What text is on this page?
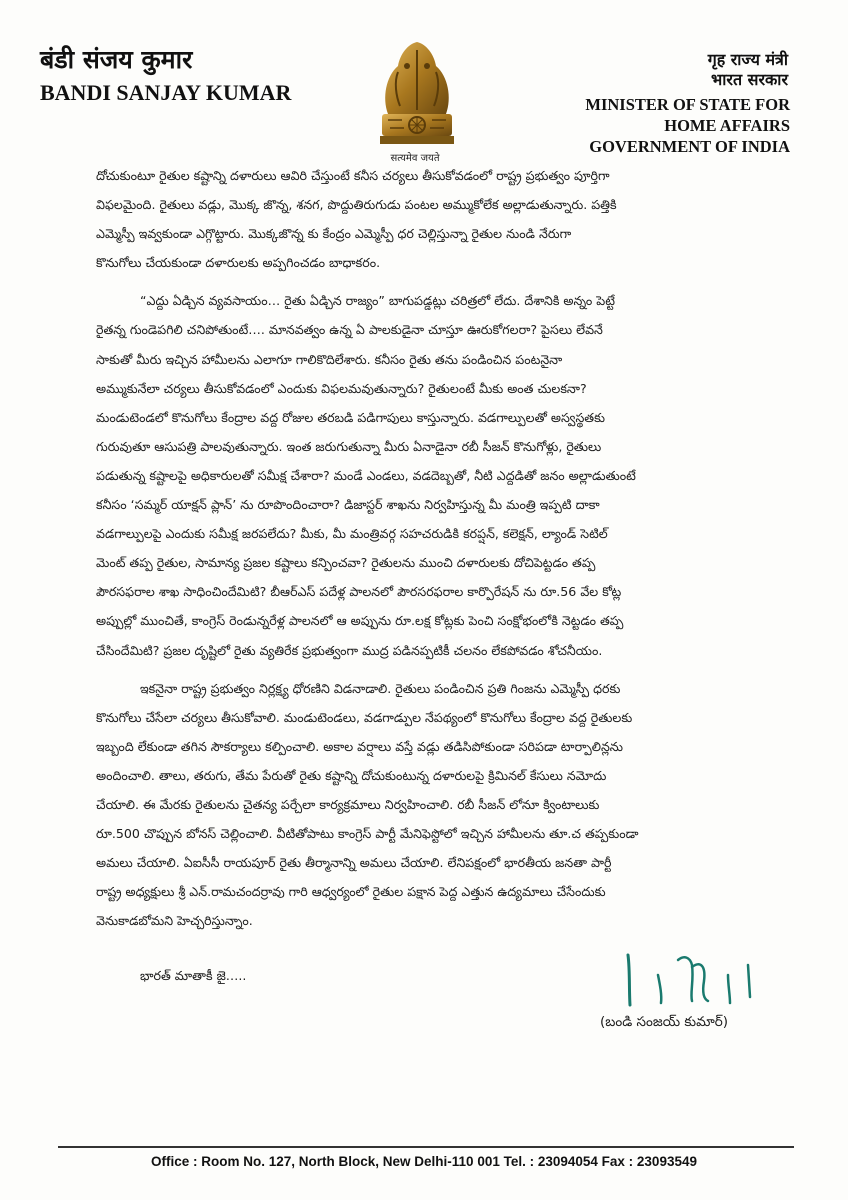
बंडी संजय कुमार
BANDI SANJAY KUMAR
सत्यमेव जयते
गृह राज्य मंत्री
भारत सरकार
MINISTER OF STATE FOR
HOME AFFAIRS
GOVERNMENT OF INDIA
దోచుకుంటూ రైతుల కష్టాన్ని దళారులు ఆవిరి చేస్తుంటే కనీస చర్యలు తీసుకోవడంలో రాష్ట్ర ప్రభుత్వం పూర్తిగా
విఫలమైంది. రైతులు వడ్లు, మొక్క జొన్న, శనగ, పొద్దుతిరుగుడు పంటల అమ్ముకోలేక అల్లాడుతున్నారు. పత్తికి
ఎమ్మెస్పీ ఇవ్వకుండా ఎగ్గొట్టారు. మొక్కజొన్న కు కేంద్రం ఎమ్మెస్పీ ధర చెల్లిస్తున్నా రైతుల నుండి నేరుగా
కొనుగోలు చేయకుండా దళారులకు అప్పగించడం బాధాకరం.
“ఎద్దు ఏడ్చిన వ్యవసాయం… రైతు ఏడ్చిన రాజ్యం” బాగుపడ్డట్లు చరిత్రలో లేదు. దేశానికి అన్నం పెట్టే
రైతన్న గుండెపగిలి చనిపోతుంటే…. మానవత్వం ఉన్న ఏ పాలకుడైనా చూస్తూ ఊరుకోగలరా? పైసలు లేవనే
సాకుతో మీరు ఇచ్చిన హామీలను ఎలాగూ గాలికొదిలేశారు. కనీసం రైతు తను పండించిన పంటనైనా
అమ్ముకునేలా చర్యలు తీసుకోవడంలో ఎందుకు విఫలమవుతున్నారు? రైతులంటే మీకు అంత చులకనా?
మండుటెండలో కొనుగోలు కేంద్రాల వద్ద రోజుల తరబడి పడిగాపులు కాస్తున్నారు. వడగాల్పులతో అస్వస్థతకు
గురువుతూ ఆసుపత్రి పాలవుతున్నారు. ఇంత జరుగుతున్నా మీరు ఏనాడైనా రబీ సీజన్ కొనుగోళ్లు, రైతులు
పడుతున్న కష్టాలపై అధికారులతో సమీక్ష చేశారా? మండే ఎండలు, వడదెబ్బతో, నీటి ఎద్దడితో జనం అల్లాడుతుంటే
కనీసం ‘సమ్మర్ యాక్షన్ ప్లాన్’ ను రూపొందించారా? డిజాస్టర్ శాఖను నిర్వహిస్తున్న మీ మంత్రి ఇప్పటి దాకా
వడగాల్పులపై ఎందుకు సమీక్ష జరపలేదు? మీకు, మీ మంత్రివర్గ సహచరుడికి కరప్షన్, కలెక్షన్, ల్యాండ్ సెటిల్
మెంట్ తప్ప రైతుల, సామాన్య ప్రజల కష్టాలు కన్పించవా? రైతులను ముంచి దళారులకు దోచిపెట్టడం తప్ప
పౌరసఫరాల శాఖ సాధించిందేమిటి? బీఆర్ఎస్ పదేళ్ల పాలనలో పౌరసరఫరాల కార్పొరేషన్ ను రూ.56 వేల కోట్ల
అప్పుల్లో ముంచితే, కాంగ్రెస్ రెండున్నరేళ్ల పాలనలో ఆ అప్పును రూ.లక్ష కోట్లకు పెంచి సంక్షోభంలోకి నెట్టడం తప్ప
చేసిందేమిటి? ప్రజల దృష్టిలో రైతు వ్యతిరేక ప్రభుత్వంగా ముద్ర పడినప్పటికీ చలనం లేకపోవడం శోచనీయం.
ఇకనైనా రాష్ట్ర ప్రభుత్వం నిర్లక్ష్య ధోరణిని విడనాడాలి. రైతులు పండించిన ప్రతి గింజను ఎమ్మెస్పీ ధరకు
కొనుగోలు చేసేలా చర్యలు తీసుకోవాలి. మండుటెండలు, వడగాడ్పుల నేపథ్యంలో కొనుగోలు కేంద్రాల వద్ద రైతులకు
ఇబ్బంది లేకుండా తగిన సౌకర్యాలు కల్పించాలి. అకాల వర్షాలు వస్తే వడ్లు తడిసిపోకుండా సరిపడా టార్పాలిన్లను
అందించాలి. తాలు, తరుగు, తేమ పేరుతో రైతు కష్టాన్ని దోచుకుంటున్న దళారులపై క్రిమినల్ కేసులు నమోదు
చేయాలి. ఈ మేరకు రైతులను చైతన్య పర్చేలా కార్యక్రమాలు నిర్వహించాలి. రబీ సీజన్ లోనూ క్వింటాలుకు
రూ.500 చొప్పున బోనస్ చెల్లించాలి. వీటితోపాటు కాంగ్రెస్ పార్టీ మేనిఫెస్టోలో ఇచ్చిన హామీలను తూ.చ తప్పకుండా
అమలు చేయాలి. ఏఐసీసీ రాయపూర్ రైతు తీర్మానాన్ని అమలు చేయాలి. లేనిపక్షంలో భారతీయ జనతా పార్టీ
రాష్ట్ర అధ్యక్షులు శ్రీ ఎన్.రామచందర్రావు గారి ఆధ్వర్యంలో రైతుల పక్షాన పెద్ద ఎత్తున ఉద్యమాలు చేసేందుకు
వెనుకాడబోమని హెచ్చరిస్తున్నాం.
భారత్ మాతాకీ జై…..
(బండి సంజయ్ కుమార్)
Office : Room No. 127, North Block, New Delhi-110 001 Tel. : 23094054 Fax : 23093549
